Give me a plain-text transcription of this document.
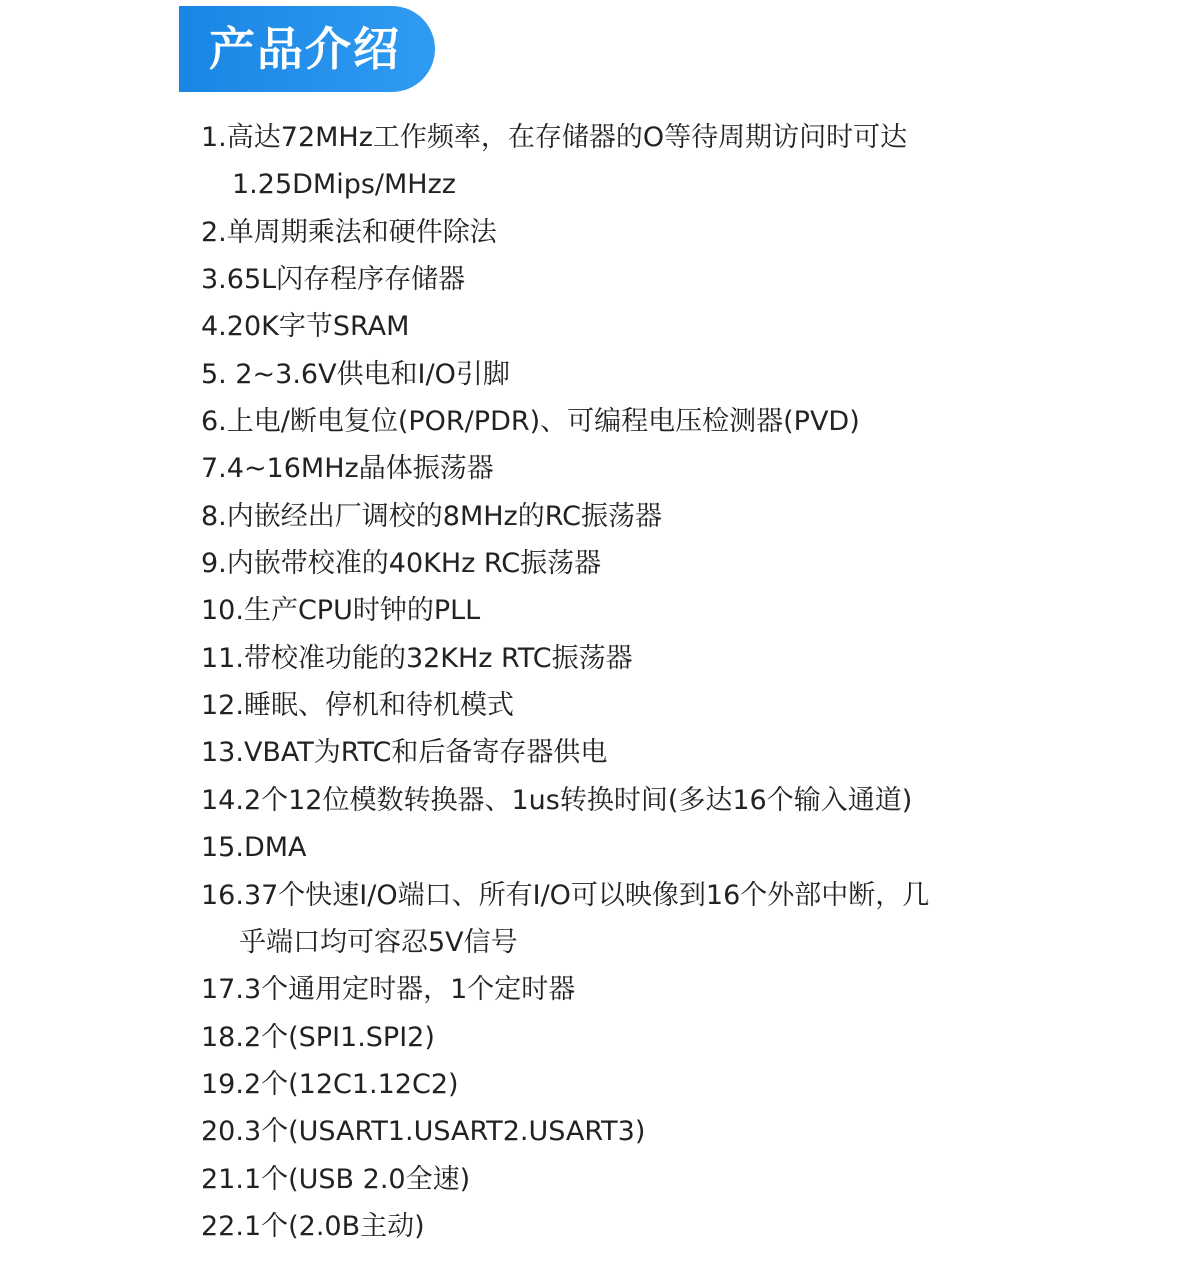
产品介绍
1.高达72MHz工作频率，在存储器的O等待周期访问时可达
1.25DMips/MHzz
2.单周期乘法和硬件除法
3.65L闪存程序存储器
4.20K字节SRAM
5. 2~3.6V供电和I/O引脚
6.上电/断电复位(POR/PDR)、可编程电压检测器(PVD)
7.4~16MHz晶体振荡器
8.内嵌经出厂调校的8MHz的RC振荡器
9.内嵌带校准的40KHz RC振荡器
10.生产CPU时钟的PLL
11.带校准功能的32KHz RTC振荡器
12.睡眠、停机和待机模式
13.VBAT为RTC和后备寄存器供电
14.2个12位模数转换器、1us转换时间(多达16个输入通道)
15.DMA
16.37个快速I/O端口、所有I/O可以映像到16个外部中断，几
乎端口均可容忍5V信号
17.3个通用定时器，1个定时器
18.2个(SPI1.SPI2)
19.2个(12C1.12C2)
20.3个(USART1.USART2.USART3)
21.1个(USB 2.0全速)
22.1个(2.0B主动)
